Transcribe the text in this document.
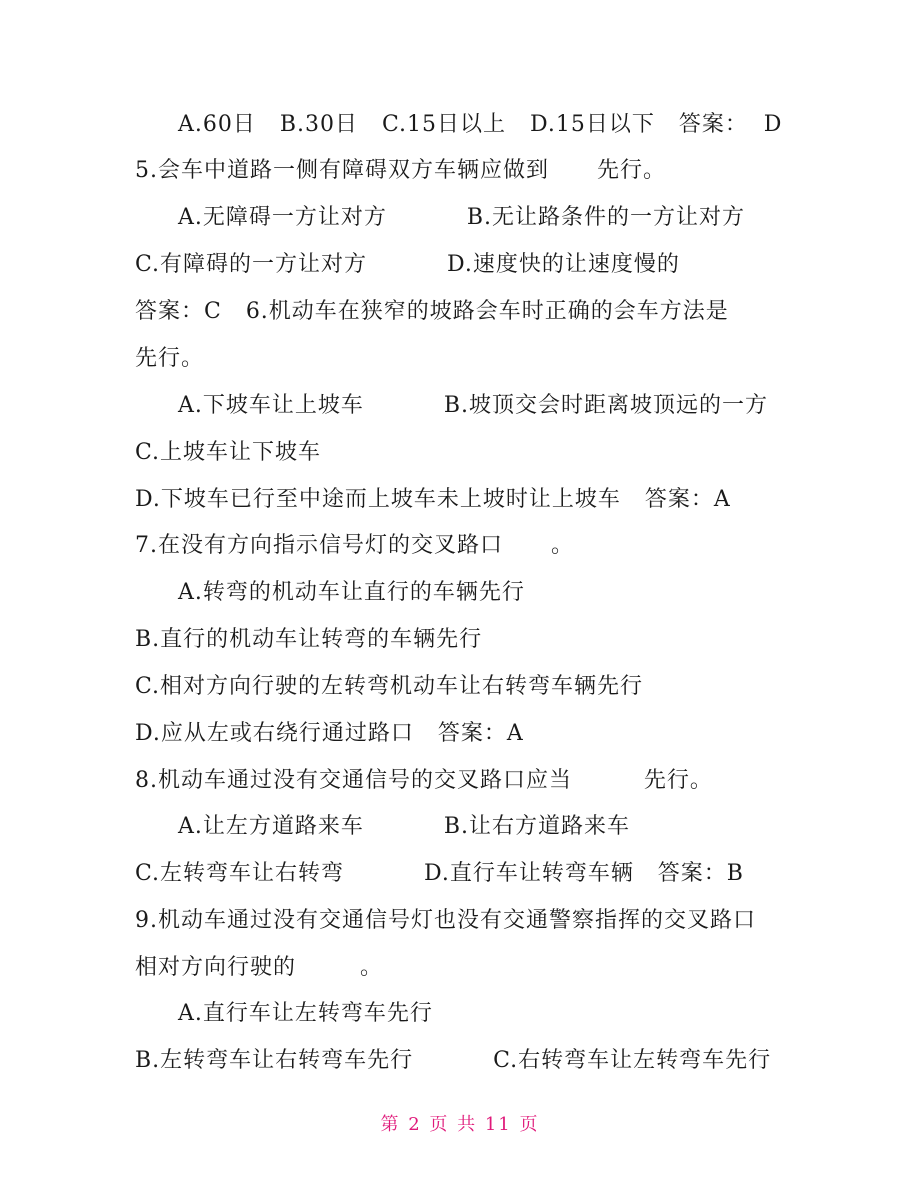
A.60日   B.30日   C.15日以上   D.15日以下   答案：  D
5.会车中道路一侧有障碍双方车辆应做到      先行。
A.无障碍一方让对方          B.无让路条件的一方让对方
C.有障碍的一方让对方          D.速度快的让速度慢的
答案：C   6.机动车在狭窄的坡路会车时正确的会车方法是
先行。
A.下坡车让上坡车          B.坡顶交会时距离坡顶远的一方
C.上坡车让下坡车
D.下坡车已行至中途而上坡车未上坡时让上坡车   答案：A
7.在没有方向指示信号灯的交叉路口      。
A.转弯的机动车让直行的车辆先行
B.直行的机动车让转弯的车辆先行
C.相对方向行驶的左转弯机动车让右转弯车辆先行
D.应从左或右绕行通过路口   答案：A
8.机动车通过没有交通信号的交叉路口应当         先行。
A.让左方道路来车          B.让右方道路来车
C.左转弯车让右转弯          D.直行车让转弯车辆   答案：B
9.机动车通过没有交通信号灯也没有交通警察指挥的交叉路口
相对方向行驶的        。
A.直行车让左转弯车先行
B.左转弯车让右转弯车先行          C.右转弯车让左转弯车先行
第 2 页 共 11 页
